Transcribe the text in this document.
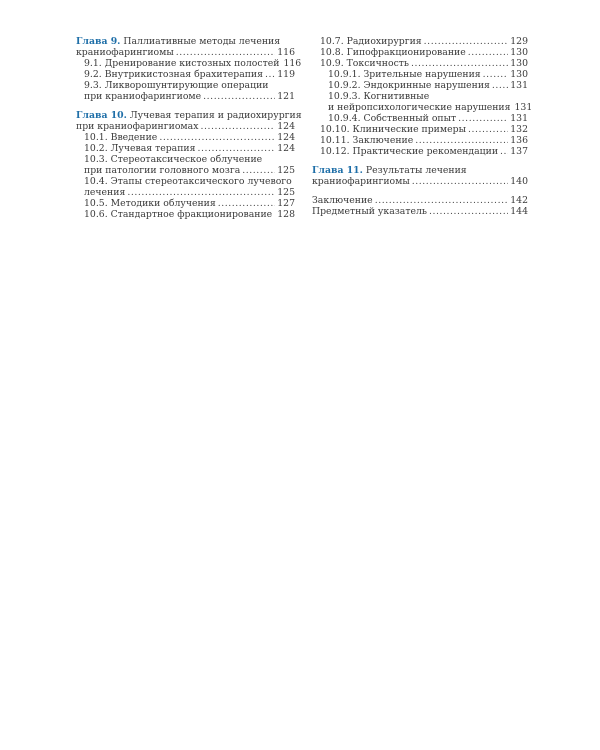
Глава 9. Паллиативные методы лечения
краниофарингиомы . . .	116
9.1. Дренирование кистозных полостей 116
9.2. Внутрикистозная брахитерапия . . . 119
9.3. Ликворошунтирующие операции
при краниофарингиоме . . .	121
Глава 10. Лучевая терапия и радиохирургия
при краниофарингиомах . . .	124
10.1. Введение . . .	124
10.2. Лучевая терапия . . .	124
10.3. Стереотаксическое облучение
при патологии головного мозга . . .	125
10.4. Этапы стереотаксического лучевого
лечения . . .	125
10.5. Методики облучения . . .	127
10.6. Стандартное фракционирование . . . 128
10.7. Радиохирургия . . .	129
10.8. Гипофракционирование . . .	130
10.9. Токсичность . . .	130
10.9.1. Зрительные нарушения . . .	130
10.9.2. Эндокринные нарушения . . . 131
10.9.3. Когнитивные
и нейропсихологические нарушения 131
10.9.4. Собственный опыт . . .	131
10.10. Клинические примеры . . .	132
10.11. Заключение . . .	136
10.12. Практические рекомендации . . . 137
Глава 11. Результаты лечения
краниофарингиомы . . .	140
Заключение . . .	142
Предметный указатель . . .	144
